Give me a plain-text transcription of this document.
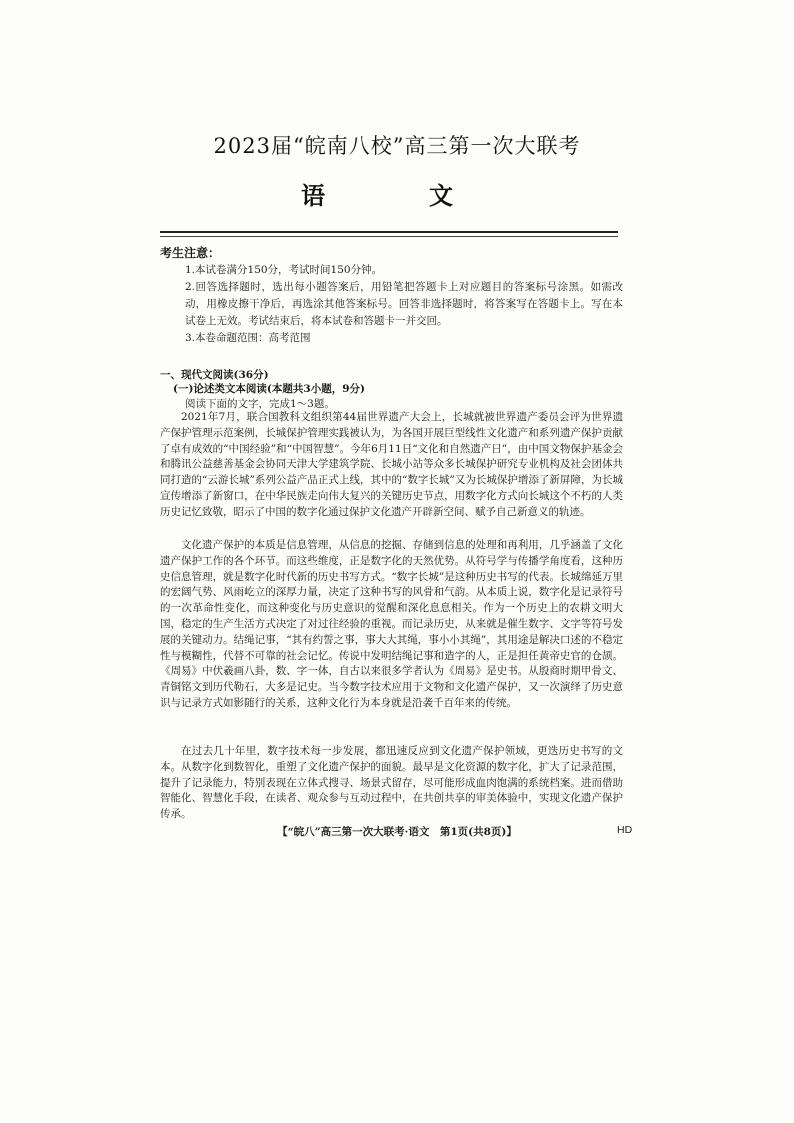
2023届“皖南八校”高三第一次大联考
语　文
考生注意：
1.本试卷满分150分，考试时间150分钟。
2.回答选择题时，选出每小题答案后，用铅笔把答题卡上对应题目的答案标号涂黑。如需改动，用橡皮擦干净后，再选涂其他答案标号。回答非选择题时，将答案写在答题卡上。写在本试卷上无效。考试结束后，将本试卷和答题卡一并交回。
3.本卷命题范围：高考范围
一、现代文阅读(36分)
(一)论述类文本阅读(本题共3小题，9分)
阅读下面的文字，完成1～3题。
2021年7月，联合国教科文组织第44届世界遗产大会上，长城就被世界遗产委员会评为世界遗产保护管理示范案例，长城保护管理实践被认为，为各国开展巨型线性文化遗产和系列遗产保护贡献了卓有成效的“中国经验”和“中国智慧”。今年6月11日“文化和自然遗产日”，由中国文物保护基金会和腾讯公益慈善基金会协同天津大学建筑学院、长城小站等众多长城保护研究专业机构及社会团体共同打造的“云游长城”系列公益产品正式上线，其中的“数字长城”又为长城保护增添了新屏障，为长城宣传增添了新窗口，在中华民族走向伟大复兴的关键历史节点，用数字化方式向长城这个不朽的人类历史记忆致敬，昭示了中国的数字化通过保护文化遗产开辟新空间、赋予自己新意义的轨迹。
文化遗产保护的本质是信息管理，从信息的挖掘、存储到信息的处理和再利用，几乎涵盖了文化遗产保护工作的各个环节。而这些维度，正是数字化的天然优势。从符号学与传播学角度看，这种历史信息管理，就是数字化时代新的历史书写方式。“数字长城”是这种历史书写的代表。长城绵延万里的宏阔气势、风雨屹立的深厚力量，决定了这种书写的风骨和气韵。从本质上说，数字化是记录符号的一次革命性变化，而这种变化与历史意识的觉醒和深化息息相关。作为一个历史上的农耕文明大国，稳定的生产生活方式决定了对过往经验的重视。而记录历史，从来就是催生数字、文字等符号发展的关键动力。结绳记事，“其有约誓之事，事大大其绳，事小小其绳”，其用途是解决口述的不稳定性与模糊性，代替不可靠的社会记忆。传说中发明结绳记事和造字的人，正是担任黄帝史官的仓颉。《周易》中伏羲画八卦，数、字一体，自古以来很多学者认为《周易》是史书。从殷商时期甲骨文、青铜铭文到历代勒石，大多是记史。当今数字技术应用于文物和文化遗产保护，又一次演绎了历史意识与记录方式如影随行的关系，这种文化行为本身就是沿袭千百年来的传统。
在过去几十年里，数字技术每一步发展，都迅速反应到文化遗产保护领域，更迭历史书写的文本。从数字化到数智化，重塑了文化遗产保护的面貌。最早是文化资源的数字化，扩大了记录范围，提升了记录能力，特别表现在立体式搜寻、场景式留存，尽可能形成血肉饱满的系统档案。进而借助智能化、智慧化手段，在读者、观众参与互动过程中，在共创共享的审美体验中，实现文化遗产保护传承。
【“皖八”高三第一次大联考·语文　第1页(共8页)】	HD
